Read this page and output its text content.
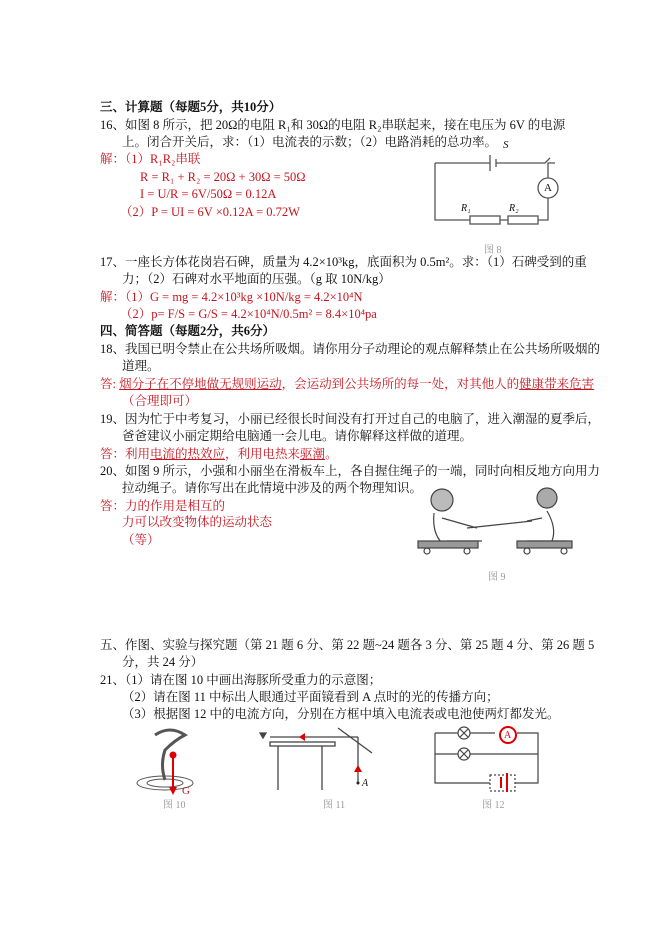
三、计算题（每题5分，共10分）
16、如图 8 所示，把 20Ω的电阻 R₁和 30Ω的电阻 R₂串联起来，接在电压为 6V 的电源
上。闭合开关后，求：（1）电流表的示数；（2）电路消耗的总功率。
解：（1）R₁R₂串联
R = R₁ + R₂ = 20Ω + 30Ω = 50Ω
I = U/R = 6V/50Ω = 0.12A
（2）P = UI = 6V ×0.12A = 0.72W
S
A
R₁	R₂
图 8
17、一座长方体花岗岩石碑，质量为 4.2×10³kg，底面积为 0.5m²。求：（1）石碑受到的重
力；（2）石碑对水平地面的压强。（g 取 10N/kg）
解：（1）G = mg = 4.2×10³kg ×10N/kg = 4.2×10⁴N
（2）p= F/S = G/S = 4.2×10⁴N/0.5m² = 8.4×10⁴pa
四、简答题（每题2分，共6分）
18、我国已明令禁止在公共场所吸烟。请你用分子动理论的观点解释禁止在公共场所吸烟的
道理。
答: 烟分子在不停地做无规则运动，会运动到公共场所的每一处，对其他人的健康带来危害
（合理即可）
19、因为忙于中考复习，小丽已经很长时间没有打开过自己的电脑了，进入潮湿的夏季后，
爸爸建议小丽定期给电脑通一会儿电。请你解释这样做的道理。
答：利用电流的热效应，利用电热来驱潮。
20、如图 9 所示，小强和小丽坐在滑板车上，各自握住绳子的一端，同时向相反地方向用力
拉动绳子。请你写出在此情境中涉及的两个物理知识。
答：力的作用是相互的
力可以改变物体的运动状态
（等）
图 9
五、作图、实验与探究题（第 21 题 6 分、第 22 题~24 题各 3 分、第 25 题 4 分、第 26 题 5
分，共 24 分）
21、（1）请在图 10 中画出海豚所受重力的示意图；
（2）请在图 11 中标出人眼通过平面镜看到 A 点时的光的传播方向；
（3）根据图 12 中的电流方向，分别在方框中填入电流表或电池使两灯都发光。
G
图 10
A
图 11
A
图 12
